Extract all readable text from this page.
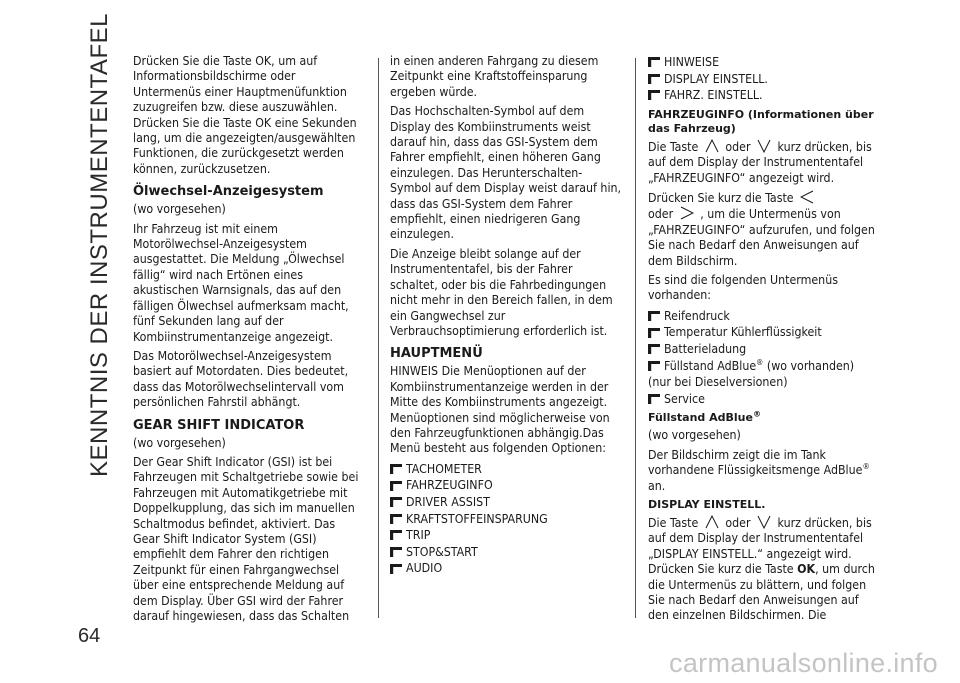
KENNTNIS DER INSTRUMENTENTAFEL Drücken Sie die Taste OK, um auf Informationsbildschirme oder Untermenüs einer Hauptmenüfunktion zuzugreifen bzw. diese auszuwählen. Drücken Sie die Taste OK eine Sekunden lang, um die angezeigten/ausgewählten Funktionen, die zurückgesetzt werden können, zurückzusetzen.

Ölwechsel-Anzeigesystem

(wo vorgesehen)

Ihr Fahrzeug ist mit einem Motorölwechsel-Anzeigesystem ausgestattet. Die Meldung „Ölwechsel fällig“ wird nach Ertönen eines akustischen Warnsignals, das auf den fälligen Ölwechsel aufmerksam macht, fünf Sekunden lang auf der Kombiinstrumentanzeige angezeigt.

Das Motorölwechsel-Anzeigesystem basiert auf Motordaten. Dies bedeutet, dass das Motorölwechselintervall vom persönlichen Fahrstil abhängt.

GEAR SHIFT INDICATOR

(wo vorgesehen)

Der Gear Shift Indicator (GSI) ist bei Fahrzeugen mit Schaltgetriebe sowie bei Fahrzeugen mit Automatikgetriebe mit Doppelkupplung, das sich im manuellen Schaltmodus befindet, aktiviert. Das Gear Shift Indicator System (GSI) empfiehlt dem Fahrer den richtigen Zeitpunkt für einen Fahrgangwechsel über eine entsprechende Meldung auf dem Display. Über GSI wird der Fahrer darauf hingewiesen, dass das Schalten

in einen anderen Fahrgang zu diesem Zeitpunkt eine Kraftstoffeinsparung ergeben würde.

Das Hochschalten-Symbol auf dem Display des Kombiinstruments weist darauf hin, dass das GSI-System dem Fahrer empfiehlt, einen höheren Gang einzulegen. Das Herunterschalten-Symbol auf dem Display weist darauf hin, dass das GSI-System dem Fahrer empfiehlt, einen niedrigeren Gang einzulegen.

Die Anzeige bleibt solange auf der Instrumententafel, bis der Fahrer schaltet, oder bis die Fahrbedingungen nicht mehr in den Bereich fallen, in dem ein Gangwechsel zur Verbrauchsoptimierung erforderlich ist.

HAUPTMENÜ

HINWEIS Die Menüoptionen auf der Kombiinstrumentanzeige werden in der Mitte des Kombiinstruments angezeigt. Menüoptionen sind möglicherweise von den Fahrzeugfunktionen abhängig.Das Menü besteht aus folgenden Optionen:

TACHOMETER
FAHRZEUGINFO
DRIVER ASSIST
KRAFTSTOFFEINSPARUNG
TRIP
STOP&START
AUDIO
HINWEISE
DISPLAY EINSTELL.
FAHRZ. EINSTELL.
FAHRZEUGINFO (Informationen über das Fahrzeug)

Die Taste oder kurz drücken, bis auf dem Display der Instrumententafel „FAHRZEUGINFO“ angezeigt wird.

Drücken Sie kurz die Taste
oder , um die Untermenüs von „FAHRZEUGINFO“ aufzurufen, und folgen Sie nach Bedarf den Anweisungen auf dem Bildschirm.

Es sind die folgenden Untermenüs vorhanden:

Reifendruck
Temperatur Kühlerflüssigkeit
Batterieladung
Füllstand AdBlue® (wo vorhanden) (nur bei Dieselversionen)
Service
Füllstand AdBlue®

(wo vorgesehen)

Der Bildschirm zeigt die im Tank vorhandene Flüssigkeitsmenge AdBlue® an.

DISPLAY EINSTELL.

Die Taste oder kurz drücken, bis auf dem Display der Instrumententafel „DISPLAY EINSTELL.“ angezeigt wird. Drücken Sie kurz die Taste OK, um durch die Untermenüs zu blättern, und folgen Sie nach Bedarf den Anweisungen auf den einzelnen Bildschirmen. Die

64
carmanualsonline.info
